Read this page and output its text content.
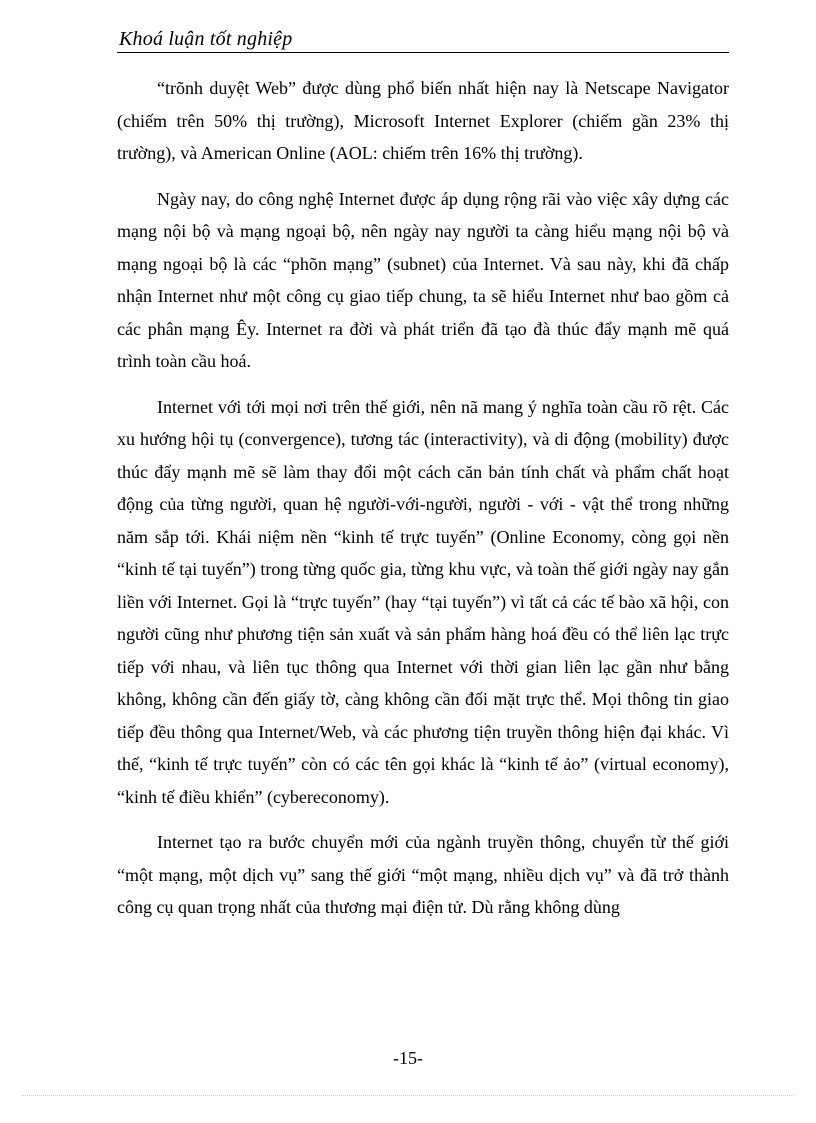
Khoá luận tốt nghiệp

“trõnh duyệt Web” được dùng phổ biến nhất hiện nay là Netscape Navigator (chiếm trên 50% thị trường), Microsoft Internet Explorer (chiếm gần 23% thị trường), và American Online (AOL: chiếm trên 16% thị trường).

Ngày nay, do công nghệ Internet được áp dụng rộng rãi vào việc xây dựng các mạng nội bộ và mạng ngoại bộ, nên ngày nay người ta càng hiểu mạng nội bộ và mạng ngoại bộ là các “phõn mạng” (subnet) của Internet. Và sau này, khi đã chấp nhận Internet như một công cụ giao tiếp chung, ta sẽ hiểu Internet như bao gồm cả các phân mạng Êy. Internet ra đời và phát triển đã tạo đà thúc đẩy mạnh mẽ quá trình toàn cầu hoá.

Internet với tới mọi nơi trên thế giới, nên nã mang ý nghĩa toàn cầu rõ rệt. Các xu hướng hội tụ (convergence), tương tác (interactivity), và di động (mobility) được thúc đẩy mạnh mẽ sẽ làm thay đổi một cách căn bản tính chất và phẩm chất hoạt động của từng người, quan hệ người-với-người, người - với - vật thể trong những năm sắp tới. Khái niệm nền “kinh tế trực tuyến” (Online Economy, còng gọi nền “kinh tế tại tuyến”) trong từng quốc gia, từng khu vực, và toàn thế giới ngày nay gắn liền với Internet. Gọi là “trực tuyến” (hay “tại tuyến”) vì tất cả các tế bào xã hội, con người cũng như phương tiện sản xuất và sản phẩm hàng hoá đều có thể liên lạc trực tiếp với nhau, và liên tục thông qua Internet với thời gian liên lạc gần như bằng không, không cần đến giấy tờ, càng không cần đối mặt trực thể. Mọi thông tin giao tiếp đều thông qua Internet/Web, và các phương tiện truyền thông hiện đại khác. Vì thế, “kinh tế trực tuyến” còn có các tên gọi khác là “kinh tế ảo” (virtual economy), “kinh tế điều khiển” (cybereconomy).

Internet tạo ra bước chuyển mới của ngành truyền thông, chuyển từ thế giới “một mạng, một dịch vụ” sang thế giới “một mạng, nhiều dịch vụ” và đã trở thành công cụ quan trọng nhất của thương mại điện tử. Dù rằng không dùng

-15-
